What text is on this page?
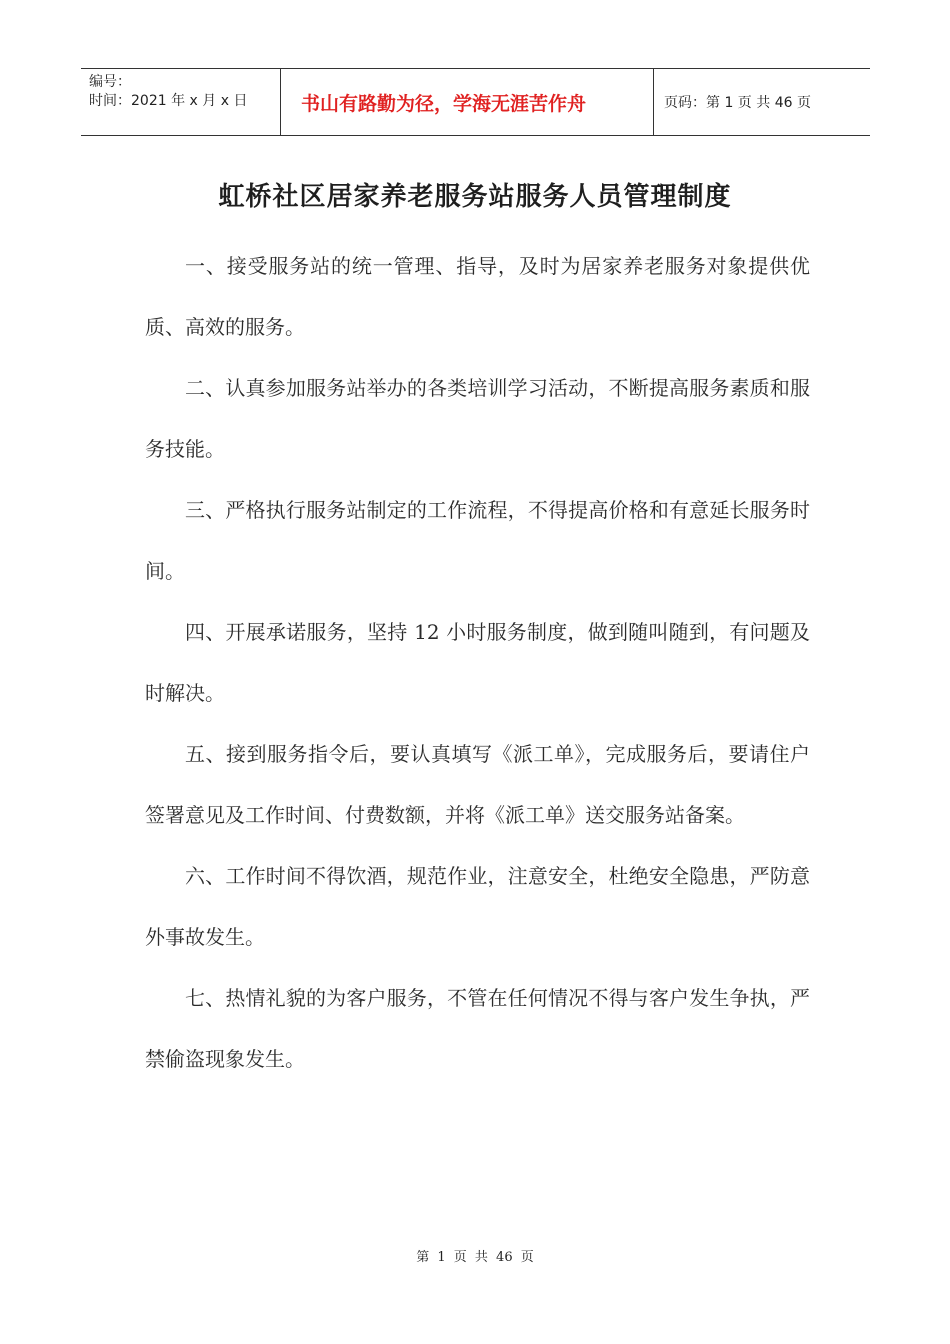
编号：
时间：2021 年 x 月 x 日	书山有路勤为径，学海无涯苦作舟	页码：第 1 页 共 46 页
虹桥社区居家养老服务站服务人员管理制度

一、接受服务站的统一管理、指导，及时为居家养老服务对象提供优质、高效的服务。

二、认真参加服务站举办的各类培训学习活动，不断提高服务素质和服务技能。

三、严格执行服务站制定的工作流程，不得提高价格和有意延长服务时间。

四、开展承诺服务，坚持 12 小时服务制度，做到随叫随到，有问题及时解决。

五、接到服务指令后，要认真填写《派工单》，完成服务后，要请住户签署意见及工作时间、付费数额，并将《派工单》送交服务站备案。

六、工作时间不得饮酒，规范作业，注意安全，杜绝安全隐患，严防意外事故发生。

七、热情礼貌的为客户服务，不管在任何情况不得与客户发生争执，严禁偷盗现象发生。

第 1 页 共 46 页
